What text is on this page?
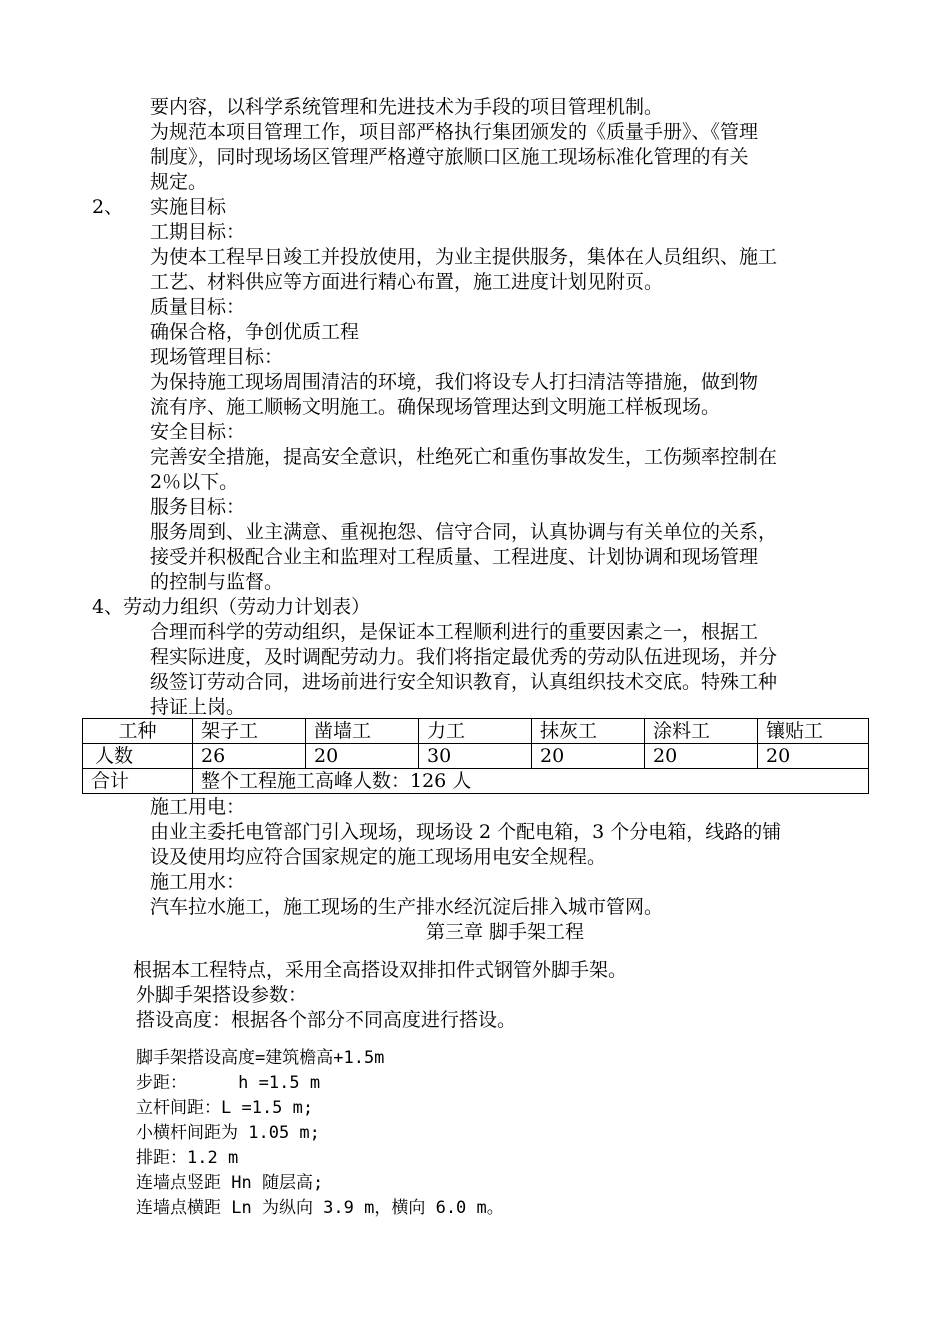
要内容，以科学系统管理和先进技术为手段的项目管理机制。
为规范本项目管理工作，项目部严格执行集团颁发的《质量手册》、《管理
制度》，同时现场场区管理严格遵守旅顺口区施工现场标准化管理的有关
规定。
2、 实施目标
工期目标：
为使本工程早日竣工并投放使用，为业主提供服务，集体在人员组织、施工
工艺、材料供应等方面进行精心布置，施工进度计划见附页。
质量目标：
确保合格，争创优质工程
现场管理目标：
为保持施工现场周围清洁的环境，我们将设专人打扫清洁等措施，做到物
流有序、施工顺畅文明施工。确保现场管理达到文明施工样板现场。
安全目标：
完善安全措施，提高安全意识，杜绝死亡和重伤事故发生，工伤频率控制在
2％以下。
服务目标：
服务周到、业主满意、重视抱怨、信守合同，认真协调与有关单位的关系，
接受并积极配合业主和监理对工程质量、工程进度、计划协调和现场管理
的控制与监督。
4、劳动力组织（劳动力计划表）
合理而科学的劳动组织，是保证本工程顺利进行的重要因素之一，根据工
程实际进度，及时调配劳动力。我们将指定最优秀的劳动队伍进现场，并分
级签订劳动合同，进场前进行安全知识教育，认真组织技术交底。特殊工种
持证上岗。
工种	架子工	凿墙工	力工	抹灰工	涂料工	镶贴工
人数	26	20	30	20	20	20
合计	整个工程施工高峰人数：126 人					
施工用电：
由业主委托电管部门引入现场，现场设 2 个配电箱，3 个分电箱，线路的铺
设及使用均应符合国家规定的施工现场用电安全规程。
施工用水：
汽车拉水施工，施工现场的生产排水经沉淀后排入城市管网。
第三章 脚手架工程
根据本工程特点，采用全高搭设双排扣件式钢管外脚手架。
外脚手架搭设参数：
搭设高度：根据各个部分不同高度进行搭设。
脚手架搭设高度=建筑檐高+1.5m
步距：     h =1.5 m
立杆间距：L =1.5 m;
小横杆间距为 1.05 m;
排距：1.2 m
连墙点竖距 Hn 随层高;
连墙点横距 Ln 为纵向 3.9 m，横向 6.0 m。
